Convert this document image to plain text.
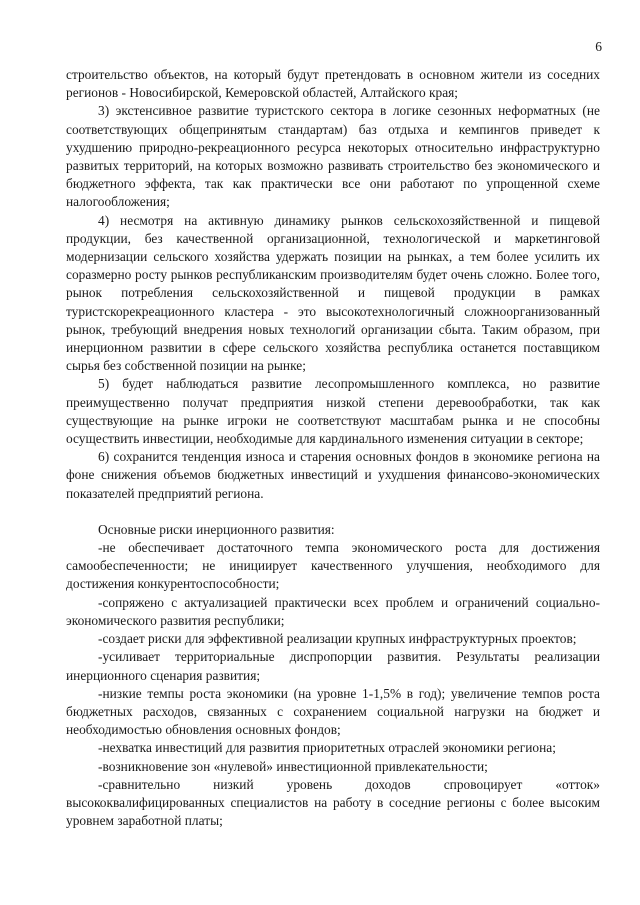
6

строительство объектов, на который будут претендовать в основном жители из соседних регионов - Новосибирской, Кемеровской областей, Алтайского края;

3) экстенсивное развитие туристского сектора в логике сезонных неформатных (не соответствующих общепринятым стандартам) баз отдыха и кемпингов приведет к ухудшению природно-рекреационного ресурса некоторых относительно инфраструктурно развитых территорий, на которых возможно развивать строительство без экономического и бюджетного эффекта, так как практически все они работают по упрощенной схеме налогообложения;

4) несмотря на активную динамику рынков сельскохозяйственной и пищевой продукции, без качественной организационной, технологической и маркетинговой модернизации сельского хозяйства удержать позиции на рынках, а тем более усилить их соразмерно росту рынков республиканским производителям будет очень сложно. Более того, рынок потребления сельскохозяйственной и пищевой продукции в рамках туристскорекреационного кластера - это высокотехнологичный сложноорганизованный рынок, требующий внедрения новых технологий организации сбыта. Таким образом, при инерционном развитии в сфере сельского хозяйства республика останется поставщиком сырья без собственной позиции на рынке;

5) будет наблюдаться развитие лесопромышленного комплекса, но развитие преимущественно получат предприятия низкой степени деревообработки, так как существующие на рынке игроки не соответствуют масштабам рынка и не способны осуществить инвестиции, необходимые для кардинального изменения ситуации в секторе;

6) сохранится тенденция износа и старения основных фондов в экономике региона на фоне снижения объемов бюджетных инвестиций и ухудшения финансово-экономических показателей предприятий региона.

Основные риски инерционного развития:

-не обеспечивает достаточного темпа экономического роста для достижения самообеспеченности; не инициирует качественного улучшения, необходимого для достижения конкурентоспособности;

-сопряжено с актуализацией практически всех проблем и ограничений социально-экономического развития республики;

-создает риски для эффективной реализации крупных инфраструктурных проектов;

-усиливает территориальные диспропорции развития. Результаты реализации инерционного сценария развития;

-низкие темпы роста экономики (на уровне 1-1,5% в год); увеличение темпов роста бюджетных расходов, связанных с сохранением социальной нагрузки на бюджет и необходимостью обновления основных фондов;

-нехватка инвестиций для развития приоритетных отраслей экономики региона;

-возникновение зон «нулевой» инвестиционной привлекательности;

-сравнительно низкий уровень доходов спровоцирует «отток» высококвалифицированных специалистов на работу в соседние регионы с более высоким уровнем заработной платы;
